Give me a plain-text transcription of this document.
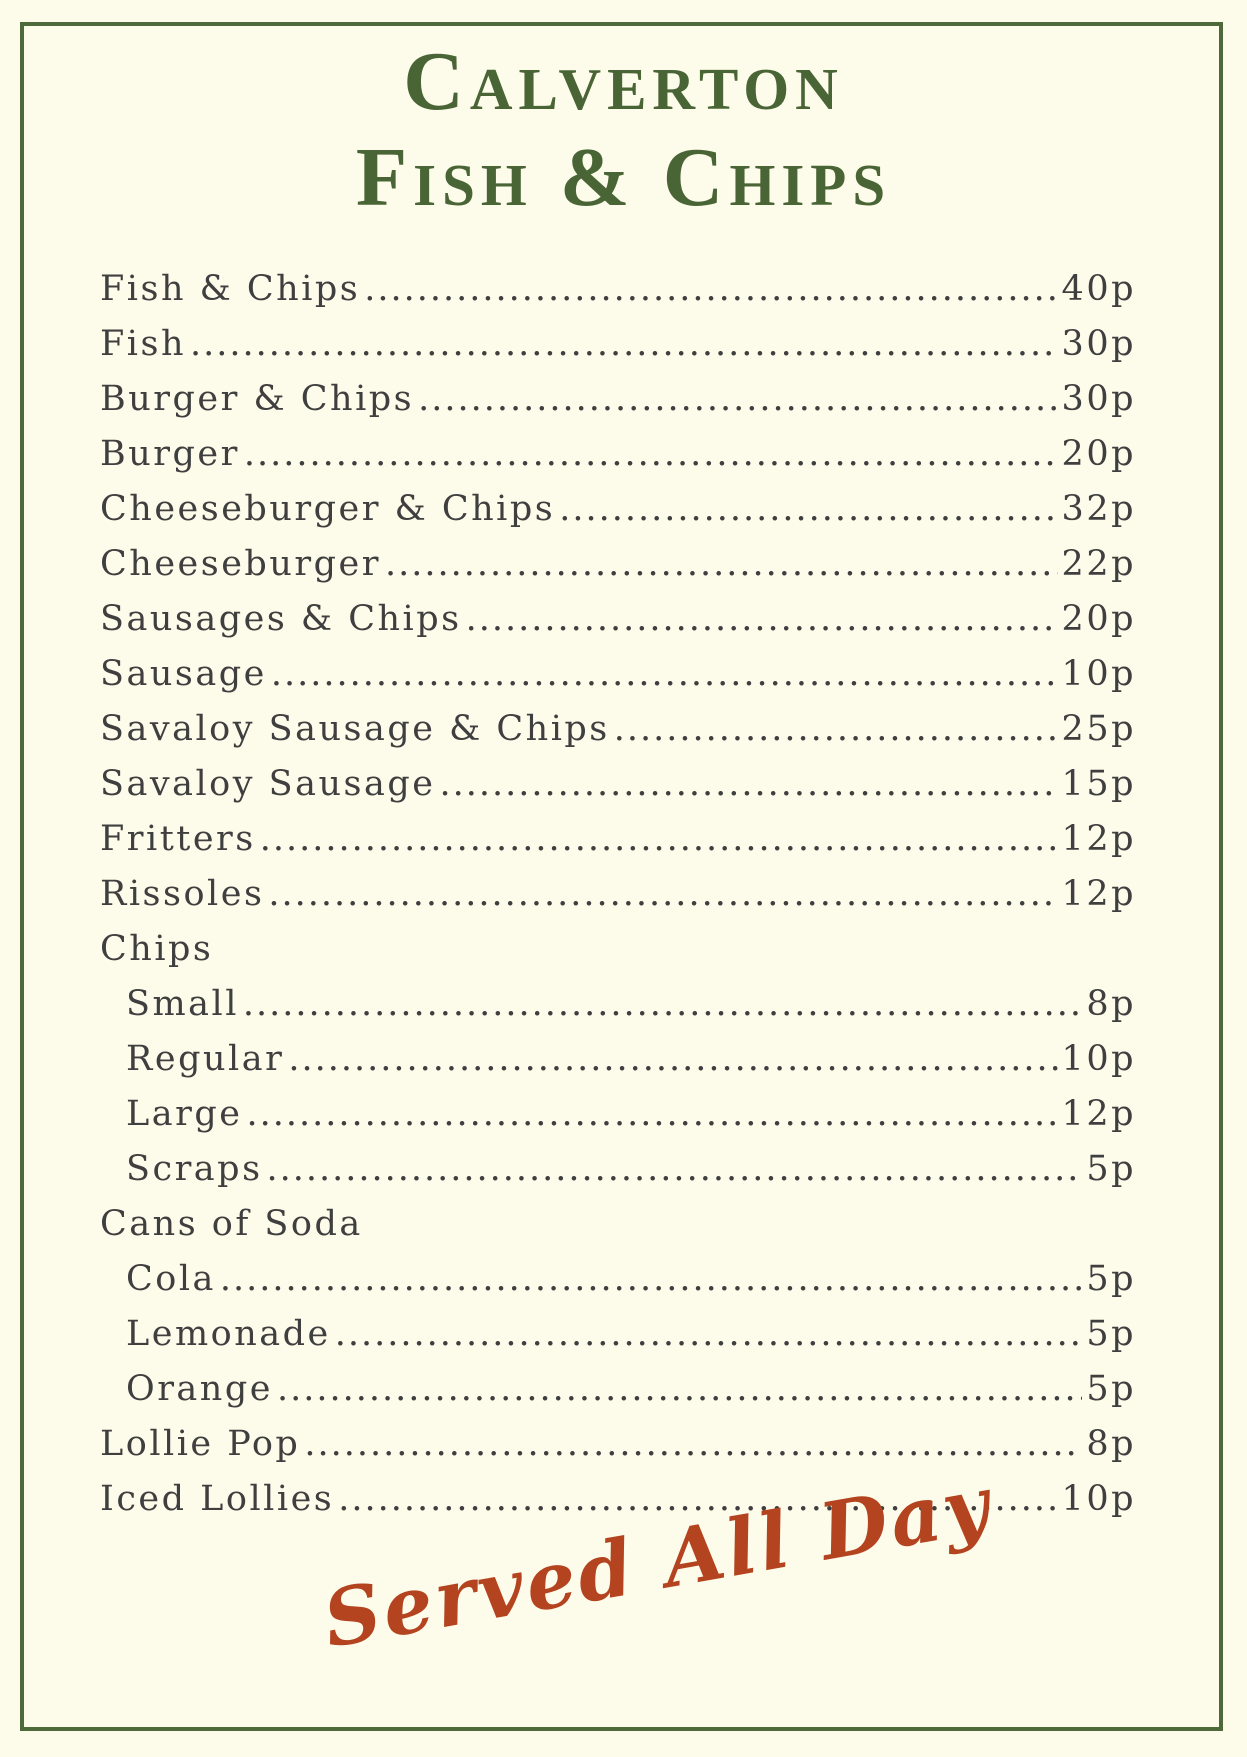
Calverton
Fish & Chips
Fish & Chips .....	40p
Fish .....	30p
Burger & Chips .....	30p
Burger .....	20p
Cheeseburger & Chips .....	32p
Cheeseburger .....	22p
Sausages & Chips .....	20p
Sausage .....	10p
Savaloy Sausage & Chips .....	25p
Savaloy Sausage .....	15p
Fritters .....	12p
Rissoles .....	12p
Chips
Small .....	8p
Regular .....	10p
Large .....	12p
Scraps .....	5p
Cans of Soda
Cola .....	5p
Lemonade .....	5p
Orange .....	5p
Lollie Pop .....	8p
Iced Lollies .....	10p
Served All Day
